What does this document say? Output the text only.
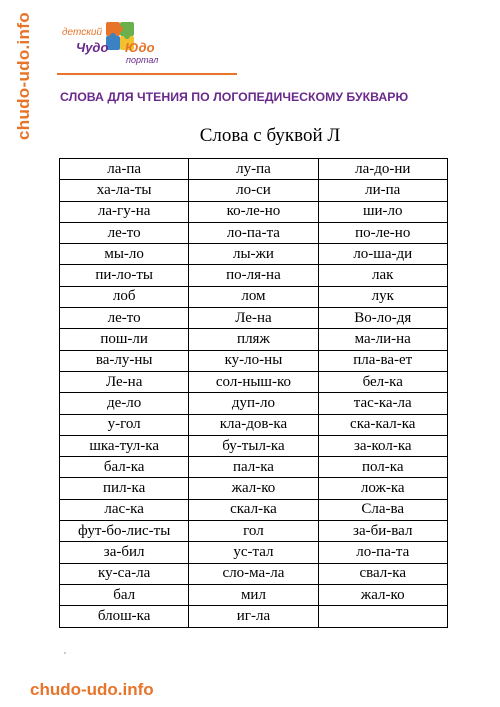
chudo-udo.info	детский
Чудо Юдо
портал
СЛОВА ДЛЯ ЧТЕНИЯ ПО ЛОГОПЕДИЧЕСКОМУ БУКВАРЮ
Слова с буквой Л
ла-па	лу-па	ла-до-ни
ха-ла-ты	ло-си	ли-па
ла-гу-на	ко-ле-но	ши-ло
ле-то	ло-па-та	по-ле-но
мы-ло	лы-жи	ло-ша-ди
пи-ло-ты	по-ля-на	лак
лоб	лом	лук
ле-то	Ле-на	Во-ло-дя
пош-ли	пляж	ма-ли-на
ва-лу-ны	ку-ло-ны	пла-ва-ет
Ле-на	сол-ныш-ко	бел-ка
де-ло	дуп-ло	тас-ка-ла
у-гол	кла-дов-ка	ска-кал-ка
шка-тул-ка	бу-тыл-ка	за-кол-ка
бал-ка	пал-ка	пол-ка
пил-ка	жал-ко	лож-ка
лас-ка	скал-ка	Сла-ва
фут-бо-лис-ты	гол	за-би-вал
за-бил	ус-тал	ло-па-та
ку-са-ла	сло-ма-ла	свал-ка
бал	мил	жал-ко
блош-ка	иг-ла	
chudo-udo.info
